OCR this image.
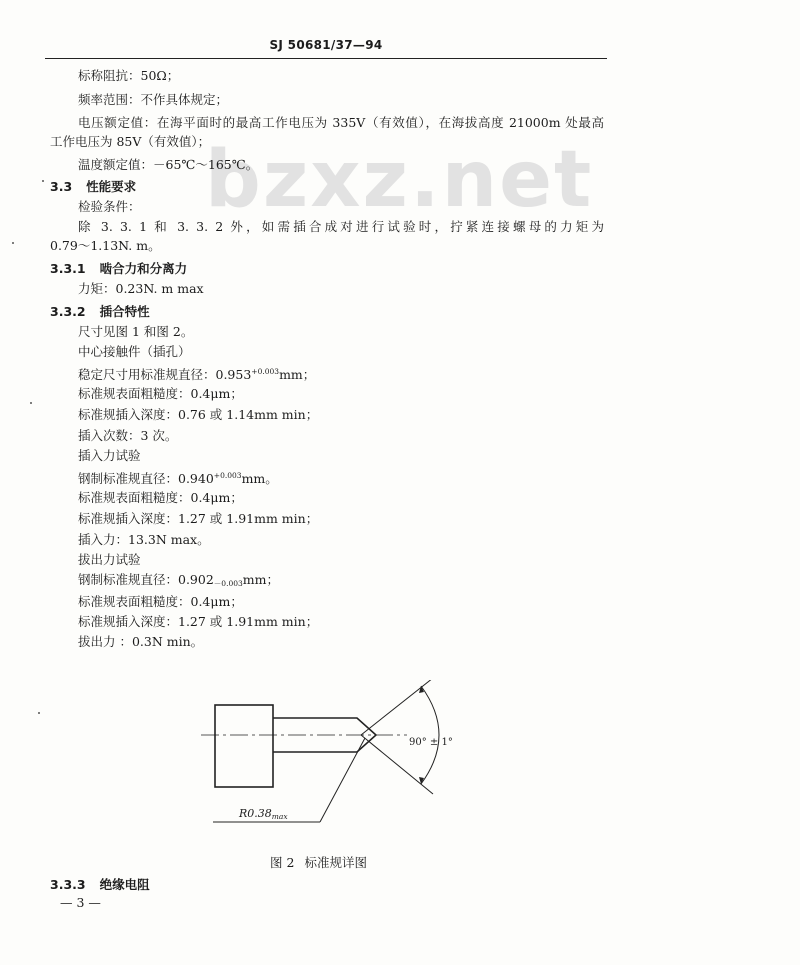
bzxz.net
SJ 50681/37—94
标称阻抗：50Ω；
频率范围：不作具体规定；
电压额定值：在海平面时的最高工作电压为 335V（有效值），在海拔高度 21000m 处最高
工作电压为 85V（有效值）；
温度额定值：－65℃～165℃。
3.3 性能要求
检验条件：
除 3. 3. 1 和 3. 3. 2 外，如需插合成对进行试验时，拧紧连接螺母的力矩为
0.79～1.13N. m。
3.3.1 啮合力和分离力
力矩：0.23N. m max
3.3.2 插合特性
尺寸见图 1 和图 2。
中心接触件（插孔）
稳定尺寸用标准规直径：$0.953^{+0.003}mm$；
标准规表面粗糙度：0.4μm；
标准规插入深度：0.76 或 1.14mm min；
插入次数：3 次。
插入力试验
钢制标准规直径：$0.940^{+0.003}mm$。
标准规表面粗糙度：0.4μm；
标准规插入深度：1.27 或 1.91mm min；
插入力：13.3N max。
拔出力试验
钢制标准规直径：$0.902_{-0.003}mm$；
标准规表面粗糙度：0.4μm；
标准规插入深度：1.27 或 1.91mm min；
拔出力 ：0.3N min。
90° ± 1°
R0.38max
图 2 标准规详图
3.3.3 绝缘电阻
— 3 —
